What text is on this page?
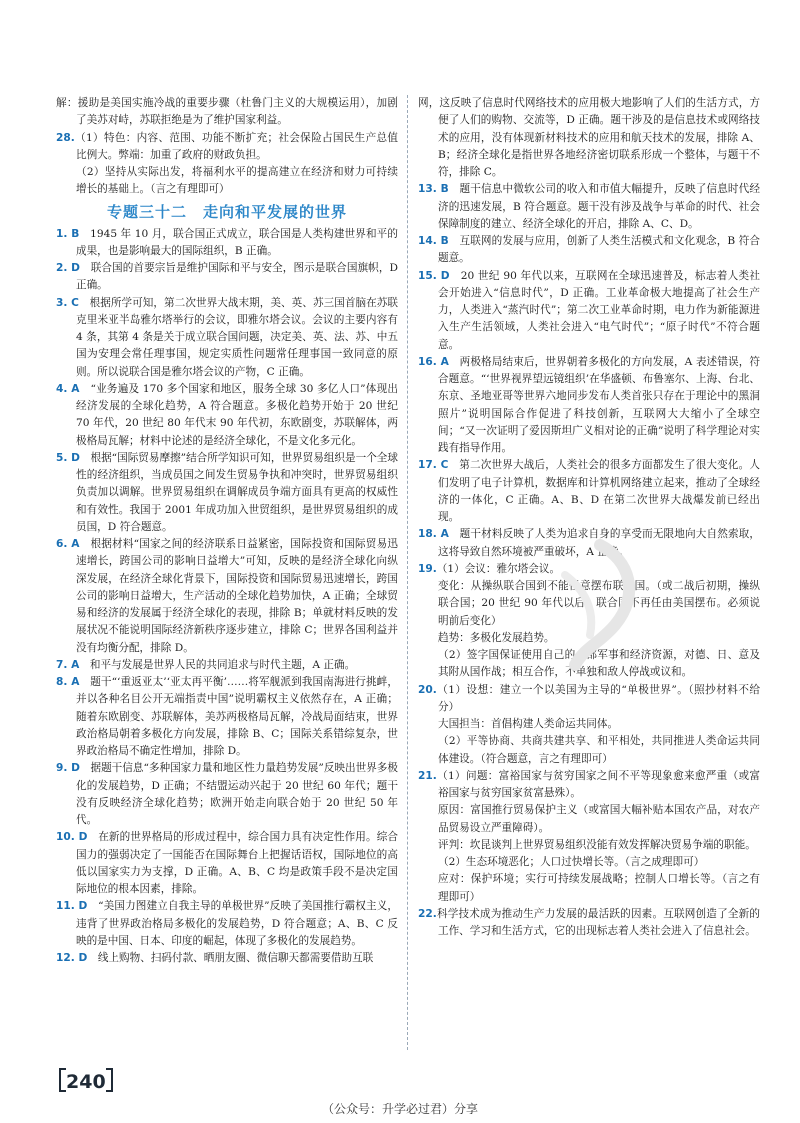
解：援助是美国实施冷战的重要步骤（杜鲁门主义的大规模运用），加剧了美苏对峙，苏联拒绝是为了维护国家利益。

28.（1）特色：内容、范围、功能不断扩充；社会保险占国民生产总值比例大。弊端：加重了政府的财政负担。

（2）坚持从实际出发，将福利水平的提高建立在经济和财力可持续增长的基础上。（言之有理即可）

专题三十二　走向和平发展的世界

1. B　1945 年 10 月，联合国正式成立，联合国是人类构建世界和平的成果，也是影响最大的国际组织，B 正确。

2. D　联合国的首要宗旨是维护国际和平与安全，图示是联合国旗帜，D 正确。

3. C　根据所学可知，第二次世界大战末期，美、英、苏三国首脑在苏联克里米亚半岛雅尔塔举行的会议，即雅尔塔会议。会议的主要内容有 4 条，其第 4 条是关于成立联合国问题，决定美、英、法、苏、中五国为安理会常任理事国，规定实质性问题常任理事国一致同意的原则。所以说联合国是雅尔塔会议的产物，C 正确。

4. A　“业务遍及 170 多个国家和地区，服务全球 30 多亿人口”体现出经济发展的全球化趋势，A 符合题意。多极化趋势开始于 20 世纪 70 年代，20 世纪 80 年代末 90 年代初，东欧剧变，苏联解体，两极格局瓦解；材料中论述的是经济全球化，不是文化多元化。

5. D　根据“国际贸易摩擦”结合所学知识可知，世界贸易组织是一个全球性的经济组织，当成员国之间发生贸易争执和冲突时，世界贸易组织负责加以调解。世界贸易组织在调解成员争端方面具有更高的权威性和有效性。我国于 2001 年成功加入世贸组织，是世界贸易组织的成员国，D 符合题意。

6. A　根据材料“国家之间的经济联系日益紧密，国际投资和国际贸易迅速增长，跨国公司的影响日益增大”可知，反映的是经济全球化向纵深发展，在经济全球化背景下，国际投资和国际贸易迅速增长，跨国公司的影响日益增大，生产活动的全球化趋势加快，A 正确；全球贸易和经济的发展属于经济全球化的表现，排除 B；单就材料反映的发展状况不能说明国际经济新秩序逐步建立，排除 C；世界各国利益并没有均衡分配，排除 D。

7. A　和平与发展是世界人民的共同追求与时代主题，A 正确。

8. A　题干“‘重返亚太’‘亚太再平衡’……将军舰派到我国南海进行挑衅，并以各种名目公开无端指责中国”说明霸权主义依然存在，A 正确；随着东欧剧变、苏联解体，美苏两极格局瓦解，冷战局面结束，世界政治格局朝着多极化方向发展，排除 B、C；国际关系错综复杂，世界政治格局不确定性增加，排除 D。

9. D　据题干信息“多种国家力量和地区性力量趋势发展”反映出世界多极化的发展趋势，D 正确；不结盟运动兴起于 20 世纪 60 年代；题干没有反映经济全球化趋势；欧洲开始走向联合始于 20 世纪 50 年代。

10. D　在新的世界格局的形成过程中，综合国力具有决定性作用。综合国力的强弱决定了一国能否在国际舞台上把握话语权，国际地位的高低以国家实力为支撑，D 正确。A、B、C 均是政策手段不是决定国际地位的根本因素，排除。

11. D　“美国力图建立自我主导的单极世界”反映了美国推行霸权主义，违背了世界政治格局多极化的发展趋势，D 符合题意；A、B、C 反映的是中国、日本、印度的崛起，体现了多极化的发展趋势。

12. D　线上购物、扫码付款、晒朋友圈、微信聊天都需要借助互联

网，这反映了信息时代网络技术的应用极大地影响了人们的生活方式，方便了人们的购物、交流等，D 正确。题干涉及的是信息技术或网络技术的应用，没有体现新材料技术的应用和航天技术的发展，排除 A、B；经济全球化是指世界各地经济密切联系形成一个整体，与题干不符，排除 C。

13. B　题干信息中微软公司的收入和市值大幅提升，反映了信息时代经济的迅速发展，B 符合题意。题干没有涉及战争与革命的时代、社会保障制度的建立、经济全球化的开启，排除 A、C、D。

14. B　互联网的发展与应用，创新了人类生活模式和文化观念，B 符合题意。

15. D　20 世纪 90 年代以来，互联网在全球迅速普及，标志着人类社会开始进入“信息时代”，D 正确。工业革命极大地提高了社会生产力，人类进入“蒸汽时代”；第二次工业革命时期，电力作为新能源进入生产生活领域，人类社会进入“电气时代”；“原子时代”不符合题意。

16. A　两极格局结束后，世界朝着多极化的方向发展，A 表述错误，符合题意。“‘世界视界望远镜组织’在华盛顿、布鲁塞尔、上海、台北、东京、圣地亚哥等世界六地同步发布人类首张只存在于理论中的黑洞照片”说明国际合作促进了科技创新，互联网大大缩小了全球空间；“又一次证明了爱因斯坦广义相对论的正确”说明了科学理论对实践有指导作用。

17. C　第二次世界大战后，人类社会的很多方面都发生了很大变化。人们发明了电子计算机，数据库和计算机网络建立起来，推动了全球经济的一体化，C 正确。A、B、D 在第二次世界大战爆发前已经出现。

18. A　题干材料反映了人类为追求自身的享受而无限地向大自然索取，这将导致自然环境被严重破坏，A 正确。

19.（1）会议：雅尔塔会议。

变化：从操纵联合国到不能任意摆布联合国。（或二战后初期，操纵联合国；20 世纪 90 年代以后，联合国不再任由美国摆布。必须说明前后变化）

趋势：多极化发展趋势。

（2）签字国保证使用自己的全部军事和经济资源，对德、日、意及其附从国作战；相互合作，不单独和敌人停战或议和。

20.（1）设想：建立一个以美国为主导的“单极世界”。（照抄材料不给分）

大国担当：首倡构建人类命运共同体。

（2）平等协商、共商共建共享、和平相处，共同推进人类命运共同体建设。（符合题意，言之有理即可）

21.（1）问题：富裕国家与贫穷国家之间不平等现象愈来愈严重（或富裕国家与贫穷国家贫富悬殊）。

原因：富国推行贸易保护主义（或富国大幅补贴本国农产品，对农产品贸易设立严重障碍）。

评判：坎昆谈判上世界贸易组织没能有效发挥解决贸易争端的职能。

（2）生态环境恶化；人口过快增长等。（言之成理即可）

应对：保护环境；实行可持续发展战略；控制人口增长等。（言之有理即可）

22.科学技术成为推动生产力发展的最活跃的因素。互联网创造了全新的工作、学习和生活方式，它的出现标志着人类社会进入了信息社会。

240
（公众号：升学必过君）分享
